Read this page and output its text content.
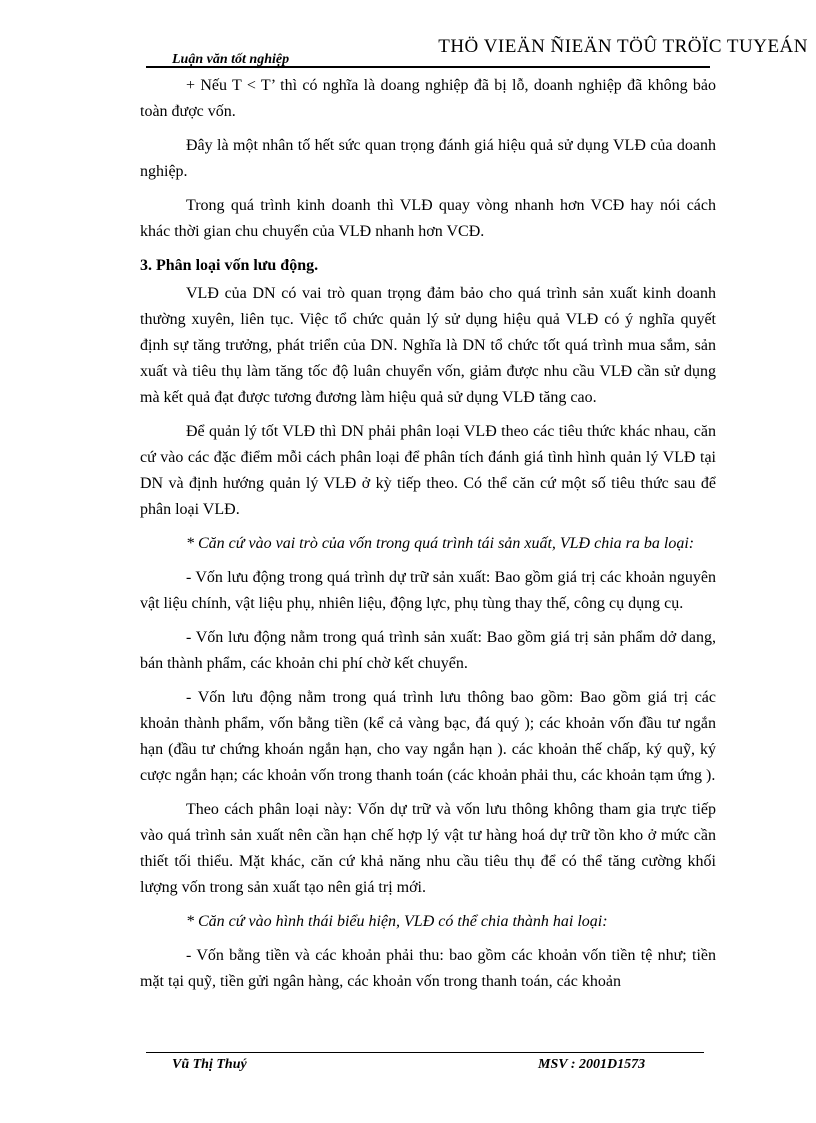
Luận văn tốt nghiệp
THÖ VIEÄN ÑIEÄN TÖÛ TRÖÏC TUYEÁN

+ Nếu T < T’ thì có nghĩa là doang nghiệp đã bị lỗ, doanh nghiệp đã không bảo toàn được vốn.

Đây là một nhân tố hết sức quan trọng đánh giá hiệu quả sử dụng VLĐ của doanh nghiệp.

Trong quá trình kinh doanh thì VLĐ quay vòng nhanh hơn VCĐ hay nói cách khác thời gian chu chuyển của VLĐ nhanh hơn VCĐ.

3. Phân loại vốn lưu động.

VLĐ của DN có vai trò quan trọng đảm bảo cho quá trình sản xuất kinh doanh thường xuyên, liên tục. Việc tổ chức quản lý sử dụng hiệu quả VLĐ có ý nghĩa quyết định sự tăng trưởng, phát triển của DN. Nghĩa là DN tổ chức tốt quá trình mua sắm, sản xuất và tiêu thụ làm tăng tốc độ luân chuyển vốn, giảm được nhu cầu VLĐ cần sử dụng mà kết quả đạt được tương đương làm hiệu quả sử dụng VLĐ tăng cao.

Để quản lý tốt VLĐ thì DN phải phân loại VLĐ theo các tiêu thức khác nhau, căn cứ vào các đặc điểm mỗi cách phân loại để phân tích đánh giá tình hình quản lý VLĐ tại DN và định hướng quản lý VLĐ ở kỳ tiếp theo. Có thể căn cứ một số tiêu thức sau để phân loại VLĐ.

* Căn cứ vào vai trò của vốn trong quá trình tái sản xuất, VLĐ chia ra ba loại:

- Vốn lưu động trong quá trình dự trữ sản xuất: Bao gồm giá trị các khoản nguyên vật liệu chính, vật liệu phụ, nhiên liệu, động lực, phụ tùng thay thế, công cụ dụng cụ.

- Vốn lưu động nằm trong quá trình sản xuất: Bao gồm giá trị sản phẩm dở dang, bán thành phẩm, các khoản chi phí chờ kết chuyển.

- Vốn lưu động nằm trong quá trình lưu thông bao gồm: Bao gồm giá trị các khoản thành phẩm, vốn bằng tiền (kể cả vàng bạc, đá quý ); các khoản vốn đầu tư ngắn hạn (đầu tư chứng khoán ngắn hạn, cho vay ngắn hạn ). các khoản thế chấp, ký quỹ, ký cược ngắn hạn; các khoản vốn trong thanh toán (các khoản phải thu, các khoản tạm ứng ).

Theo cách phân loại này: Vốn dự trữ và vốn lưu thông không tham gia trực tiếp vào quá trình sản xuất nên cần hạn chế hợp lý vật tư hàng hoá dự trữ tồn kho ở mức cần thiết tối thiểu. Mặt khác, căn cứ khả năng nhu cầu tiêu thụ để có thể tăng cường khối lượng vốn trong sản xuất tạo nên giá trị mới.

* Căn cứ vào hình thái biểu hiện, VLĐ có thể chia thành hai loại:

- Vốn bằng tiền và các khoản phải thu: bao gồm các khoản vốn tiền tệ như; tiền mặt tại quỹ, tiền gửi ngân hàng, các khoản vốn trong thanh toán, các khoản

Vũ Thị Thuý	MSV : 2001D1573
